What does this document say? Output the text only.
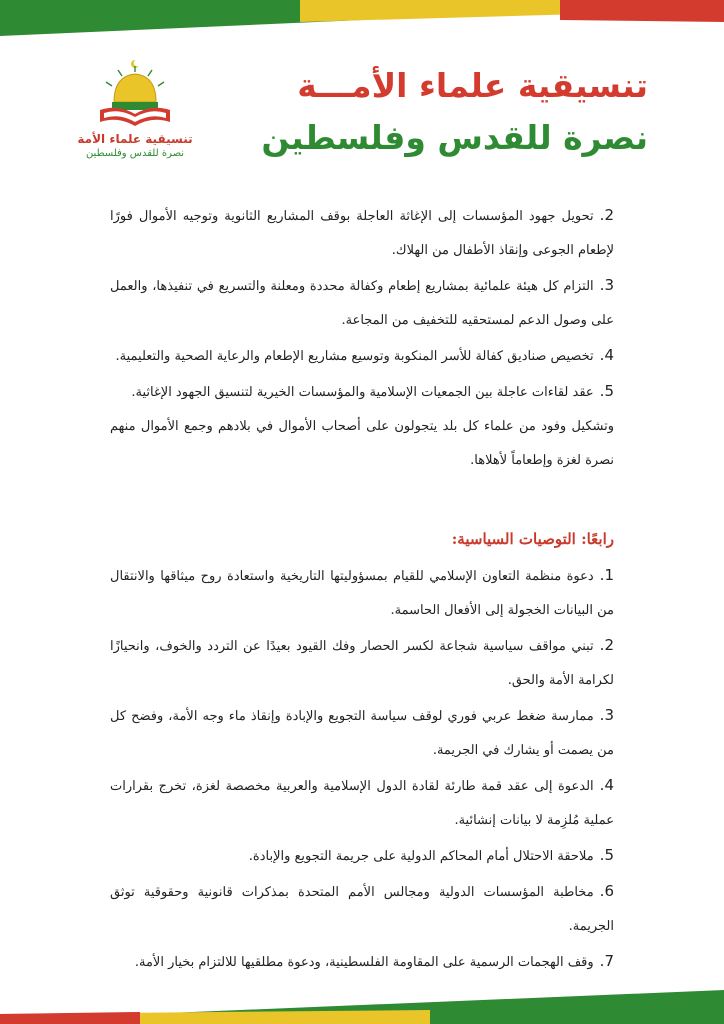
تنسيقية علماء الأمـــة
نصرة للقدس وفلسطين
تنسيقية علماء الأمة
نصرة للقدس وفلسطين

2.تحويل جهود المؤسسات إلى الإغاثة العاجلة بوقف المشاريع الثانوية وتوجيه الأموال فورًا لإطعام الجوعى وإنقاذ الأطفال من الهلاك.

3.التزام كل هيئة علمائية بمشاريع إطعام وكفالة محددة ومعلنة والتسريع في تنفيذها، والعمل على وصول الدعم لمستحقيه للتخفيف من المجاعة.

4.تخصيص صناديق كفالة للأسر المنكوبة وتوسيع مشاريع الإطعام والرعاية الصحية والتعليمية.

5.عقد لقاءات عاجلة بين الجمعيات الإسلامية والمؤسسات الخيرية لتنسيق الجهود الإغاثية.

وتشكيل وفود من علماء كل بلد يتجولون على أصحاب الأموال في بلادهم وجمع الأموال منهم نصرة لغزة وإطعاماً لأهلاها.

رابعًا: التوصيات السياسية:

1.دعوة منظمة التعاون الإسلامي للقيام بمسؤوليتها التاريخية واستعادة روح ميثاقها والانتقال من البيانات الخجولة إلى الأفعال الحاسمة.

2.تبني مواقف سياسية شجاعة لكسر الحصار وفك القيود بعيدًا عن التردد والخوف، وانحيازًا لكرامة الأمة والحق.

3.ممارسة ضغط عربي فوري لوقف سياسة التجويع والإبادة وإنقاذ ماء وجه الأمة، وفضح كل من يصمت أو يشارك في الجريمة.

4.الدعوة إلى عقد قمة طارئة لقادة الدول الإسلامية والعربية مخصصة لغزة، تخرج بقرارات عملية مُلزِمة لا بيانات إنشائية.

5.ملاحقة الاحتلال أمام المحاكم الدولية على جريمة التجويع والإبادة.

6.مخاطبة المؤسسات الدولية ومجالس الأمم المتحدة بمذكرات قانونية وحقوقية توثق الجريمة.

7.وقف الهجمات الرسمية على المقاومة الفلسطينية، ودعوة مطلقيها للالتزام بخيار الأمة.
